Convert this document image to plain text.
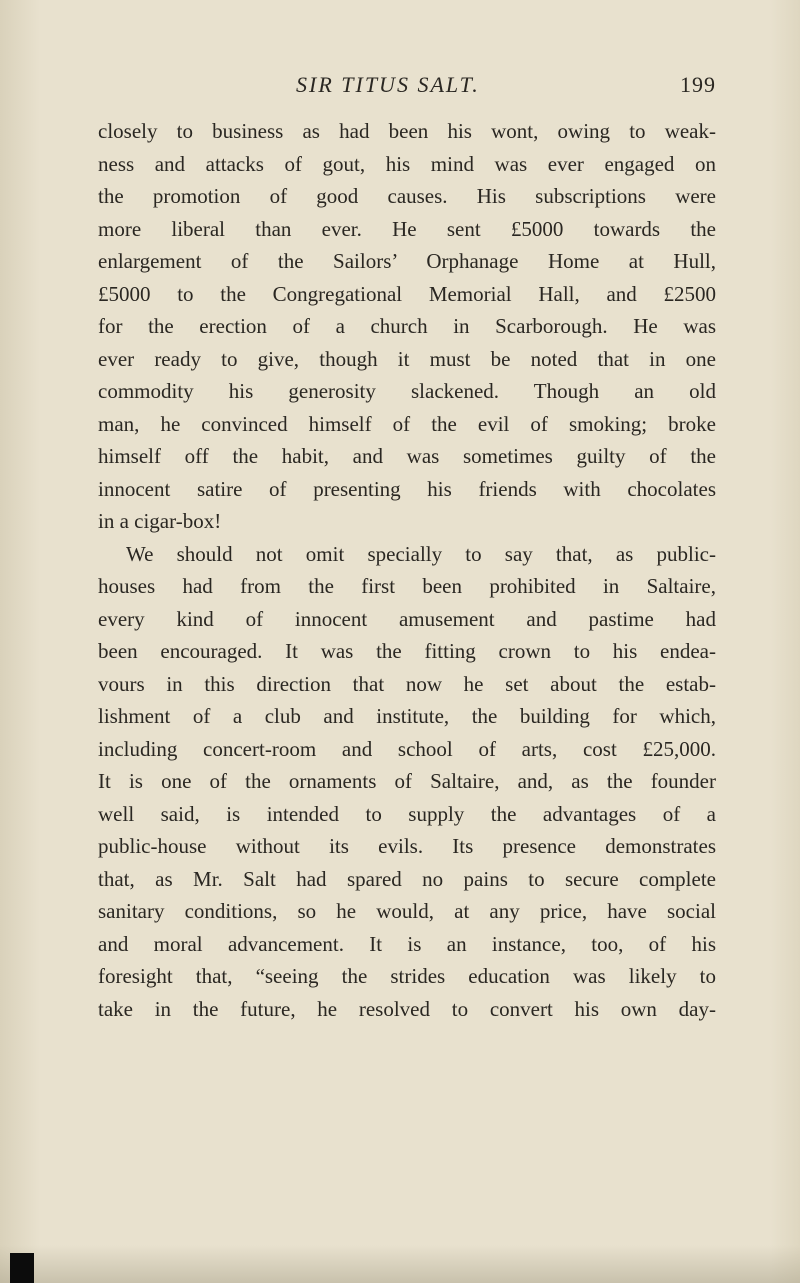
SIR TITUS SALT.	199
closely to business as had been his wont, owing to weak-
ness and attacks of gout, his mind was ever engaged on
the promotion of good causes. His subscriptions were
more liberal than ever. He sent £5000 towards the
enlargement of the Sailors’ Orphanage Home at Hull,
£5000 to the Congregational Memorial Hall, and £2500
for the erection of a church in Scarborough. He was
ever ready to give, though it must be noted that in one
commodity his generosity slackened. Though an old
man, he convinced himself of the evil of smoking; broke
himself off the habit, and was sometimes guilty of the
innocent satire of presenting his friends with chocolates
in a cigar-box!
We should not omit specially to say that, as public-
houses had from the first been prohibited in Saltaire,
every kind of innocent amusement and pastime had
been encouraged. It was the fitting crown to his endea-
vours in this direction that now he set about the estab-
lishment of a club and institute, the building for which,
including concert-room and school of arts, cost £25,000.
It is one of the ornaments of Saltaire, and, as the founder
well said, is intended to supply the advantages of a
public-house without its evils. Its presence demonstrates
that, as Mr. Salt had spared no pains to secure complete
sanitary conditions, so he would, at any price, have social
and moral advancement. It is an instance, too, of his
foresight that, “seeing the strides education was likely to
take in the future, he resolved to convert his own day-
